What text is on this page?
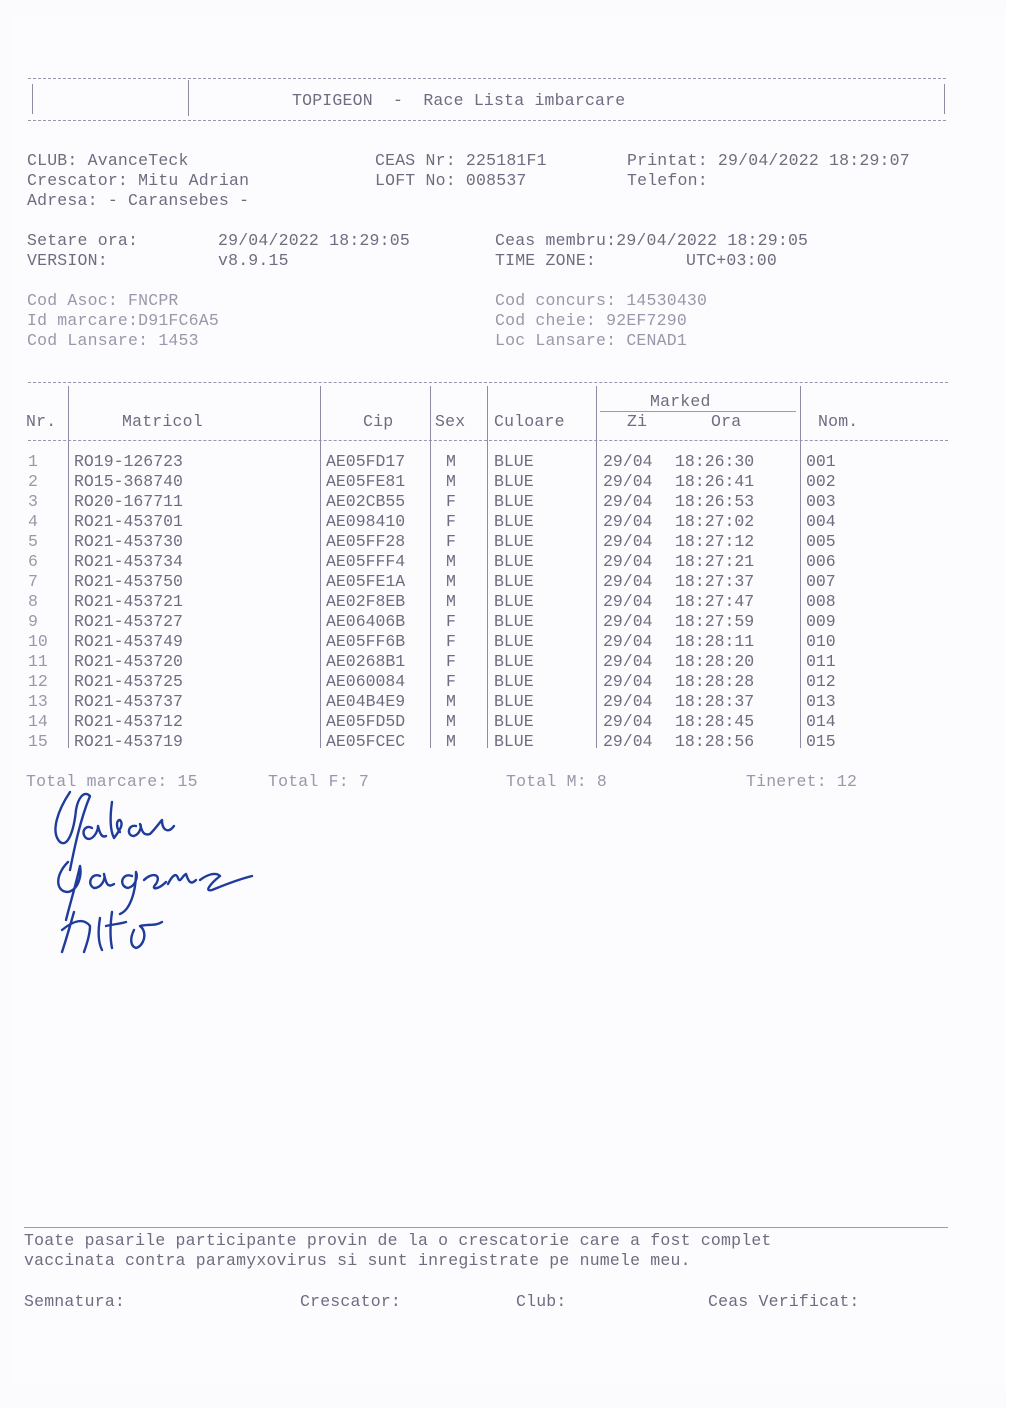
TOPIGEON  -  Race Lista imbarcare
CLUB: AvanceTeck
Crescator: Mitu Adrian
Adresa: - Caransebes -
CEAS Nr: 225181F1
LOFT No: 008537
Printat: 29/04/2022 18:29:07
Telefon:
Setare ora:	29/04/2022 18:29:05
VERSION:	v8.9.15
Ceas membru:29/04/2022 18:29:05
TIME ZONE:	UTC+03:00
Cod Asoc: FNCPR
Id marcare:D91FC6A5
Cod Lansare: 1453
Cod concurs: 14530430
Cod cheie: 92EF7290
Loc Lansare: CENAD1
Nr.	Matricol	Cip	Sex Culoare
Marked
Zi	Ora	Nom.
1 RO19-126723	AE05FD17 M BLUE	29/04 18:26:30	001
2 RO15-368740	AE05FE81 M BLUE	29/04 18:26:41	002
3 RO20-167711	AE02CB55 F BLUE	29/04 18:26:53	003
4 RO21-453701	AE098410 F BLUE	29/04 18:27:02	004
5 RO21-453730	AE05FF28 F BLUE	29/04 18:27:12	005
6 RO21-453734	AE05FFF4 M BLUE	29/04 18:27:21	006
7 RO21-453750	AE05FE1A M BLUE	29/04 18:27:37	007
8 RO21-453721	AE02F8EB M BLUE	29/04 18:27:47	008
9 RO21-453727	AE06406B F BLUE	29/04 18:27:59	009
10 RO21-453749	AE05FF6B F BLUE	29/04 18:28:11	010
11 RO21-453720	AE0268B1 F BLUE	29/04 18:28:20	011
12 RO21-453725	AE060084 F BLUE	29/04 18:28:28	012
13 RO21-453737	AE04B4E9 M BLUE	29/04 18:28:37	013
14 RO21-453712	AE05FD5D M BLUE	29/04 18:28:45	014
15 RO21-453719	AE05FCEC M BLUE	29/04 18:28:56	015
Total marcare: 15	Total F: 7	Total M: 8	Tineret: 12
Toate pasarile participante provin de la o crescatorie care a fost complet
vaccinata contra paramyxovirus si sunt inregistrate pe numele meu.
Semnatura:	Crescator:	Club:	Ceas Verificat:
